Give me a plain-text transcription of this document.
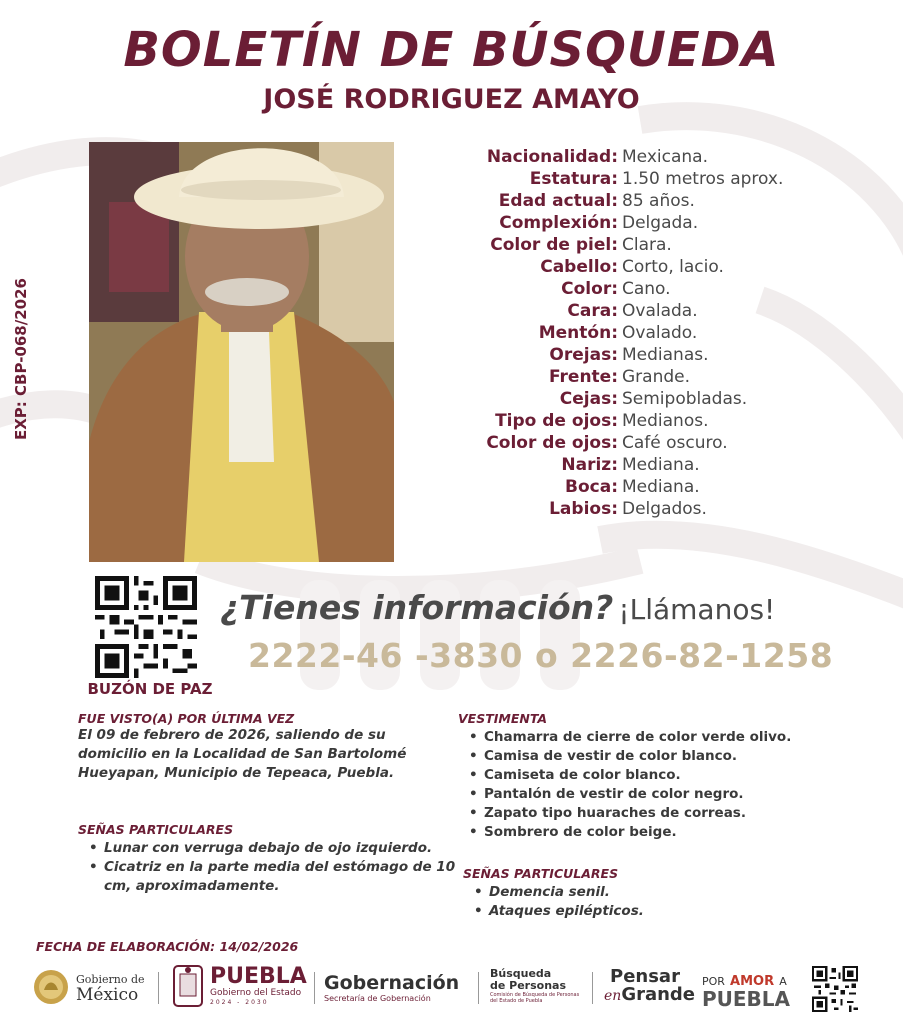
BOLETÍN DE BÚSQUEDA
JOSÉ RODRIGUEZ AMAYO
EXP: CBP-068/2026
Nacionalidad: Mexicana.
Estatura: 1.50 metros aprox.
Edad actual: 85 años.
Complexión: Delgada.
Color de piel: Clara.
Cabello: Corto, lacio.
Color: Cano.
Cara: Ovalada.
Mentón: Ovalado.
Orejas: Medianas.
Frente: Grande.
Cejas: Semipobladas.
Tipo de ojos: Medianos.
Color de ojos: Café oscuro.
Nariz: Mediana.
Boca: Mediana.
Labios: Delgados.
BUZÓN DE PAZ
¿Tienes información? ¡Llámanos!
2222-46 -3830 o 2226-82-1258
FUE VISTO(A) POR ÚLTIMA VEZ
El 09 de febrero de 2026, saliendo de su domicilio en la Localidad de San Bartolomé Hueyapan, Municipio de Tepeaca, Puebla.
SEÑAS PARTICULARES
• Lunar con verruga debajo de ojo izquierdo.
• Cicatriz en la parte media del estómago de 10 cm, aproximadamente.
VESTIMENTA
• Chamarra de cierre de color verde olivo.
• Camisa de vestir de color blanco.
• Camiseta de color blanco.
• Pantalón de vestir de color negro.
• Zapato tipo huaraches de correas.
• Sombrero de color beige.
SEÑAS PARTICULARES
• Demencia senil.
• Ataques epilépticos.
FECHA DE ELABORACIÓN: 14/02/2026
Gobierno de
México
PUEBLA
Gobierno del Estado
2024 - 2030
Gobernación
Secretaría de Gobernación
Búsqueda
de Personas
Comisión de Búsqueda de Personas del Estado de Puebla
Pensar
enGrande
POR AMOR A
PUEBLA
